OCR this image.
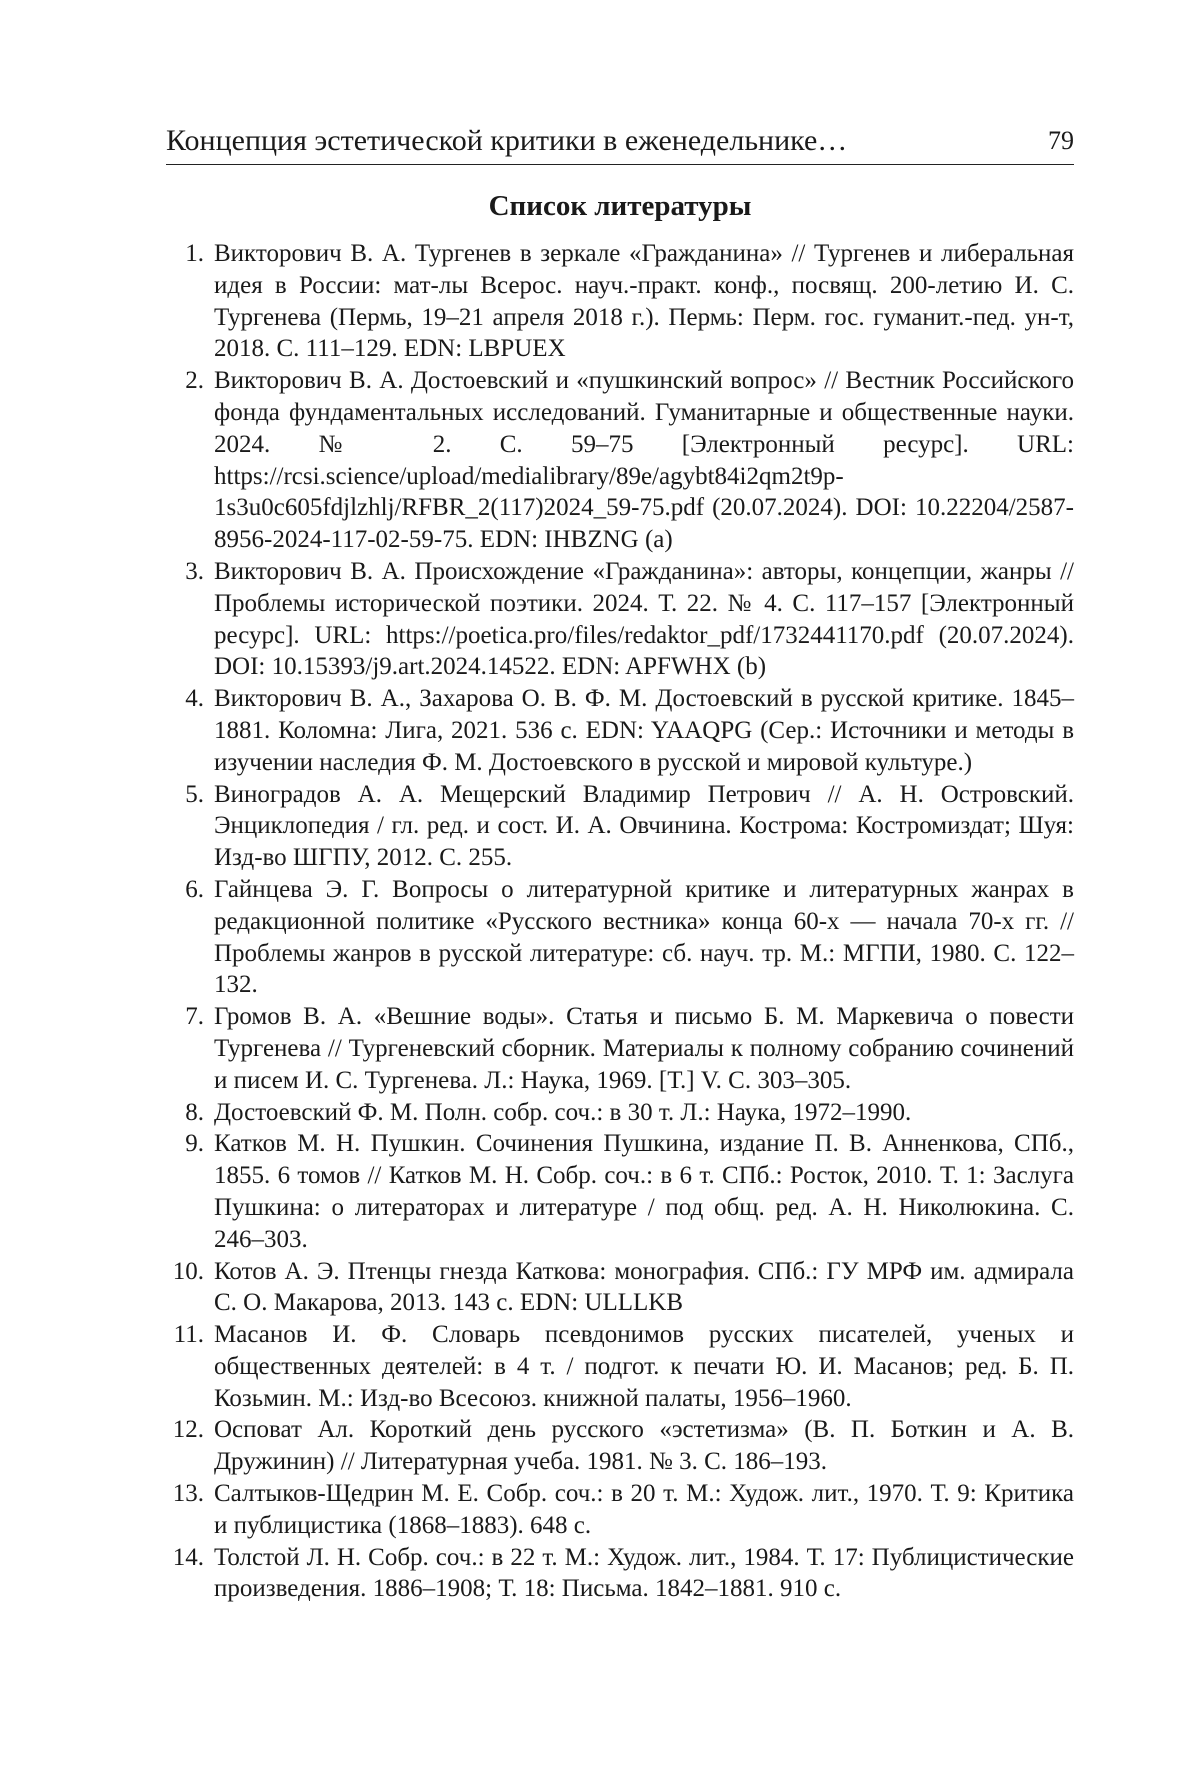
Концепция эстетической критики в еженедельнике…	79
Список литературы
1. Викторович В. А. Тургенев в зеркале «Гражданина» // Тургенев и либеральная идея в России: мат-лы Всерос. науч.-практ. конф., посвящ. 200-летию И. С. Тургенева (Пермь, 19–21 апреля 2018 г.). Пермь: Перм. гос. гуманит.-пед. ун-т, 2018. С. 111–129. EDN: LBPUEX
2. Викторович В. А. Достоевский и «пушкинский вопрос» // Вестник Российского фонда фундаментальных исследований. Гуманитарные и общественные науки. 2024. № 2. С. 59–75 [Электронный ресурс]. URL: https://rcsi.science/upload/medialibrary/89e/agybt84i2qm2t9p-1s3u0c605fdjlzhlj/RFBR_2(117)2024_59-75.pdf (20.07.2024). DOI: 10.22204/2587-8956-2024-117-02-59-75. EDN: IHBZNG (a)
3. Викторович В. А. Происхождение «Гражданина»: авторы, концепции, жанры // Проблемы исторической поэтики. 2024. Т. 22. № 4. С. 117–157 [Электронный ресурс]. URL: https://poetica.pro/files/redaktor_pdf/1732441170.pdf (20.07.2024). DOI: 10.15393/j9.art.2024.14522. EDN: APFWHX (b)
4. Викторович В. А., Захарова О. В. Ф. М. Достоевский в русской критике. 1845–1881. Коломна: Лига, 2021. 536 с. EDN: YAAQPG (Сер.: Источники и методы в изучении наследия Ф. М. Достоевского в русской и мировой культуре.)
5. Виноградов А. А. Мещерский Владимир Петрович // А. Н. Островский. Энциклопедия / гл. ред. и сост. И. А. Овчинина. Кострома: Костромиздат; Шуя: Изд-во ШГПУ, 2012. С. 255.
6. Гайнцева Э. Г. Вопросы о литературной критике и литературных жанрах в редакционной политике «Русского вестника» конца 60-х — начала 70-х гг. // Проблемы жанров в русской литературе: сб. науч. тр. М.: МГПИ, 1980. С. 122–132.
7. Громов В. А. «Вешние воды». Статья и письмо Б. М. Маркевича о повести Тургенева // Тургеневский сборник. Материалы к полному собранию сочинений и писем И. С. Тургенева. Л.: Наука, 1969. [Т.] V. С. 303–305.
8. Достоевский Ф. М. Полн. собр. соч.: в 30 т. Л.: Наука, 1972–1990.
9. Катков М. Н. Пушкин. Сочинения Пушкина, издание П. В. Анненкова, СПб., 1855. 6 томов // Катков М. Н. Собр. соч.: в 6 т. СПб.: Росток, 2010. Т. 1: Заслуга Пушкина: о литераторах и литературе / под общ. ред. А. Н. Николюкина. С. 246–303.
10. Котов А. Э. Птенцы гнезда Каткова: монография. СПб.: ГУ МРФ им. адмирала С. О. Макарова, 2013. 143 с. EDN: ULLLKB
11. Масанов И. Ф. Словарь псевдонимов русских писателей, ученых и общественных деятелей: в 4 т. / подгот. к печати Ю. И. Масанов; ред. Б. П. Козьмин. М.: Изд-во Всесоюз. книжной палаты, 1956–1960.
12. Осповат Ал. Короткий день русского «эстетизма» (В. П. Боткин и А. В. Дружинин) // Литературная учеба. 1981. № 3. С. 186–193.
13. Салтыков-Щедрин М. Е. Собр. соч.: в 20 т. М.: Худож. лит., 1970. Т. 9: Критика и публицистика (1868–1883). 648 с.
14. Толстой Л. Н. Собр. соч.: в 22 т. М.: Худож. лит., 1984. Т. 17: Публицистические произведения. 1886–1908; Т. 18: Письма. 1842–1881. 910 с.
